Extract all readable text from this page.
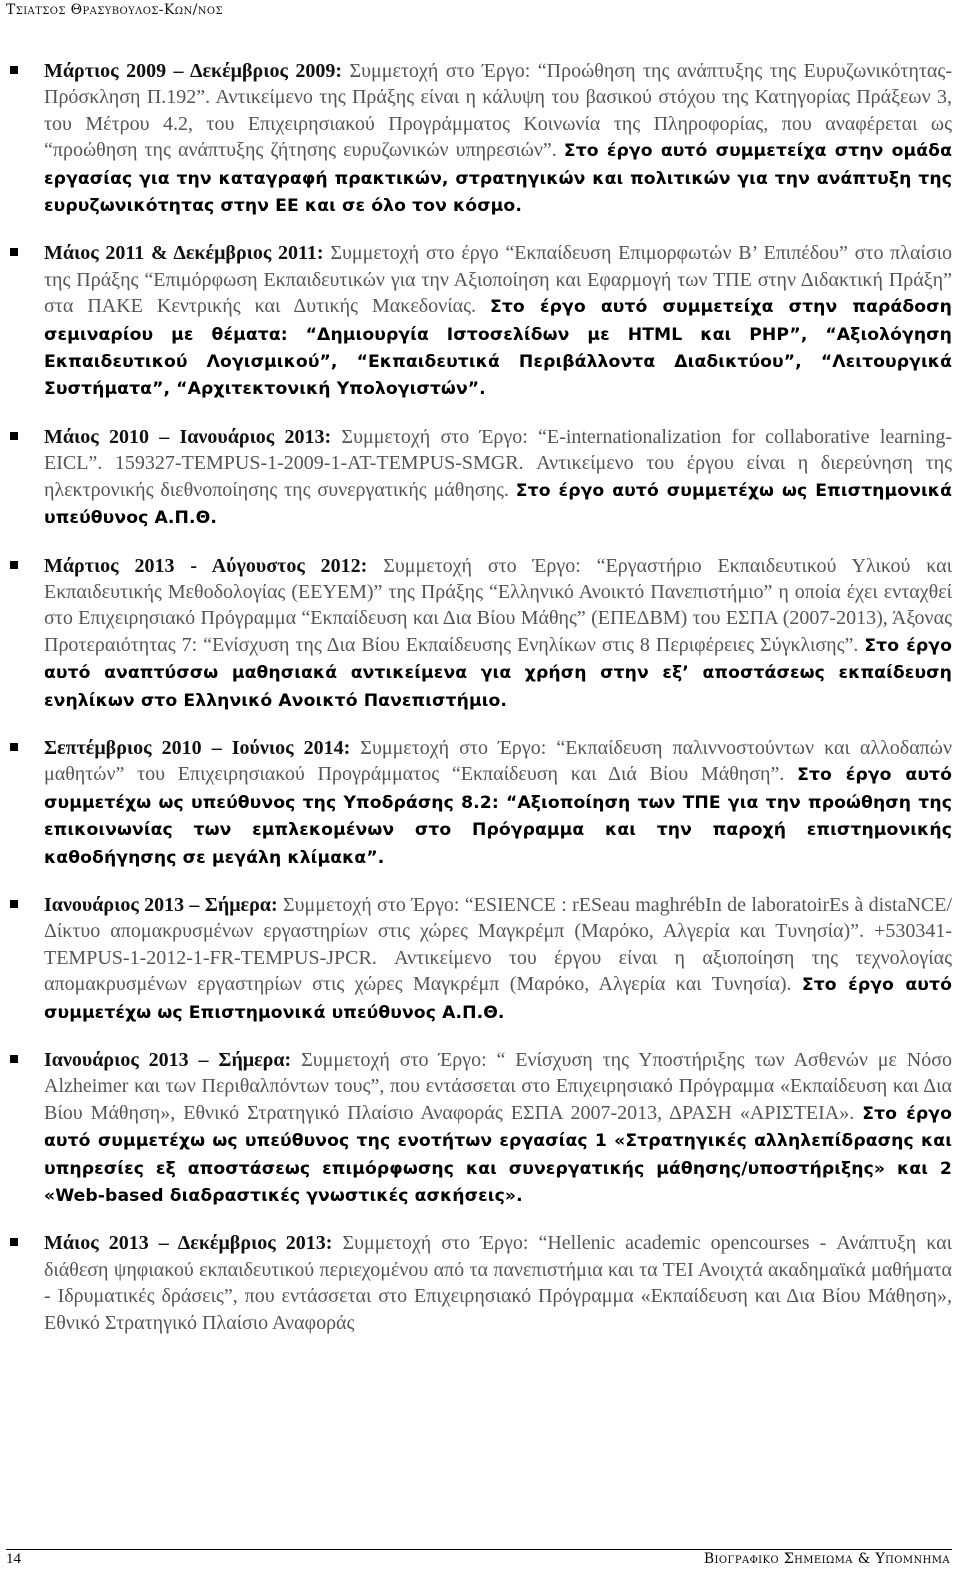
Τσιατσος Θρασυβουλος-Κων/νος

Μάρτιος 2009 – Δεκέμβριος 2009: Συμμετοχή στο Έργο: “Προώθηση της ανάπτυξης της Ευρυζωνικότητας-Πρόσκληση Π.192”. Αντικείμενο της Πράξης είναι η κάλυψη του βασικού στόχου της Κατηγορίας Πράξεων 3, του Μέτρου 4.2, του Επιχειρησιακού Προγράμματος Κοινωνία της Πληροφορίας, που αναφέρεται ως “προώθηση της ανάπτυξης ζήτησης ευρυζωνικών υπηρεσιών”. Στο έργο αυτό συμμετείχα στην ομάδα εργασίας για την καταγραφή πρακτικών, στρατηγικών και πολιτικών για την ανάπτυξη της ευρυζωνικότητας στην ΕΕ και σε όλο τον κόσμο.

Μάιος 2011 & Δεκέμβριος 2011: Συμμετοχή στο έργο “Εκπαίδευση Επιμορφωτών Β’ Επιπέδου” στο πλαίσιο της Πράξης “Επιμόρφωση Εκπαιδευτικών για την Αξιοποίηση και Εφαρμογή των ΤΠΕ στην Διδακτική Πράξη” στα ΠΑΚΕ Κεντρικής και Δυτικής Μακεδονίας. Στο έργο αυτό συμμετείχα στην παράδοση σεμιναρίου με θέματα: “Δημιουργία Ιστοσελίδων με HTML και PHP”, “Αξιολόγηση Εκπαιδευτικού Λογισμικού”, “Εκπαιδευτικά Περιβάλλοντα Διαδικτύου”, “Λειτουργικά Συστήματα”, “Αρχιτεκτονική Υπολογιστών”.

Μάιος 2010 – Ιανουάριος 2013: Συμμετοχή στο Έργο: “E-internationalization for collaborative learning-EICL”. 159327-TEMPUS-1-2009-1-AT-TEMPUS-SMGR. Αντικείμενο του έργου είναι η διερεύνηση της ηλεκτρονικής διεθνοποίησης της συνεργατικής μάθησης. Στο έργο αυτό συμμετέχω ως Επιστημονικά υπεύθυνος Α.Π.Θ.

Μάρτιος 2013 - Αύγουστος 2012: Συμμετοχή στο Έργο: “Εργαστήριο Εκπαιδευτικού Υλικού και Εκπαιδευτικής Μεθοδολογίας (ΕΕΥΕΜ)” της Πράξης “Ελληνικό Ανοικτό Πανεπιστήμιο” η οποία έχει ενταχθεί στο Επιχειρησιακό Πρόγραμμα “Εκπαίδευση και Δια Βίου Μάθης” (ΕΠΕΔΒΜ) του ΕΣΠΑ (2007-2013), Άξονας Προτεραιότητας 7: “Ενίσχυση της Δια Βίου Εκπαίδευσης Ενηλίκων στις 8 Περιφέρειες Σύγκλισης”. Στο έργο αυτό αναπτύσσω μαθησιακά αντικείμενα για χρήση στην εξ’ αποστάσεως εκπαίδευση ενηλίκων στο Ελληνικό Ανοικτό Πανεπιστήμιο.

Σεπτέμβριος 2010 – Ιούνιος 2014: Συμμετοχή στο Έργο: “Εκπαίδευση παλιννοστούντων και αλλοδαπών μαθητών” του Επιχειρησιακού Προγράμματος “Εκπαίδευση και Διά Βίου Μάθηση”. Στο έργο αυτό συμμετέχω ως υπεύθυνος της Υποδράσης 8.2: “Αξιοποίηση των ΤΠΕ για την προώθηση της επικοινωνίας των εμπλεκομένων στο Πρόγραμμα και την παροχή επιστημονικής καθοδήγησης σε μεγάλη κλίμακα”.

Ιανουάριος 2013 – Σήμερα: Συμμετοχή στο Έργο: “ESIENCE : rESeau maghrébIn de laboratoirEs à distaNCE/Δίκτυο απομακρυσμένων εργαστηρίων στις χώρες Μαγκρέμπ (Μαρόκο, Αλγερία και Τυνησία)”. +530341-TEMPUS-1-2012-1-FR-TEMPUS-JPCR. Αντικείμενο του έργου είναι η αξιοποίηση της τεχνολογίας απομακρυσμένων εργαστηρίων στις χώρες Μαγκρέμπ (Μαρόκο, Αλγερία και Τυνησία). Στο έργο αυτό συμμετέχω ως Επιστημονικά υπεύθυνος Α.Π.Θ.

Ιανουάριος 2013 – Σήμερα: Συμμετοχή στο Έργο: “ Ενίσχυση της Υποστήριξης των Ασθενών με Νόσο Alzheimer και των Περιθαλπόντων τους”, που εντάσσεται στο Επιχειρησιακό Πρόγραμμα «Εκπαίδευση και Δια Βίου Μάθηση», Εθνικό Στρατηγικό Πλαίσιο Αναφοράς ΕΣΠΑ 2007-2013, ΔΡΑΣΗ «ΑΡΙΣΤΕΙΑ». Στο έργο αυτό συμμετέχω ως υπεύθυνος της ενοτήτων εργασίας 1 «Στρατηγικές αλληλεπίδρασης και υπηρεσίες εξ αποστάσεως επιμόρφωσης και συνεργατικής μάθησης/υποστήριξης» και 2 «Web-based διαδραστικές γνωστικές ασκήσεις».

Μάιος 2013 – Δεκέμβριος 2013: Συμμετοχή στο Έργο: “Hellenic academic opencourses - Ανάπτυξη και διάθεση ψηφιακού εκπαιδευτικού περιεχομένου από τα πανεπιστήμια και τα ΤΕΙ Ανοιχτά ακαδημαϊκά μαθήματα - Ιδρυματικές δράσεις”, που εντάσσεται στο Επιχειρησιακό Πρόγραμμα «Εκπαίδευση και Δια Βίου Μάθηση», Εθνικό Στρατηγικό Πλαίσιο Αναφοράς

14	Βιογραφικο Σημειωμα & Υπομνημα
